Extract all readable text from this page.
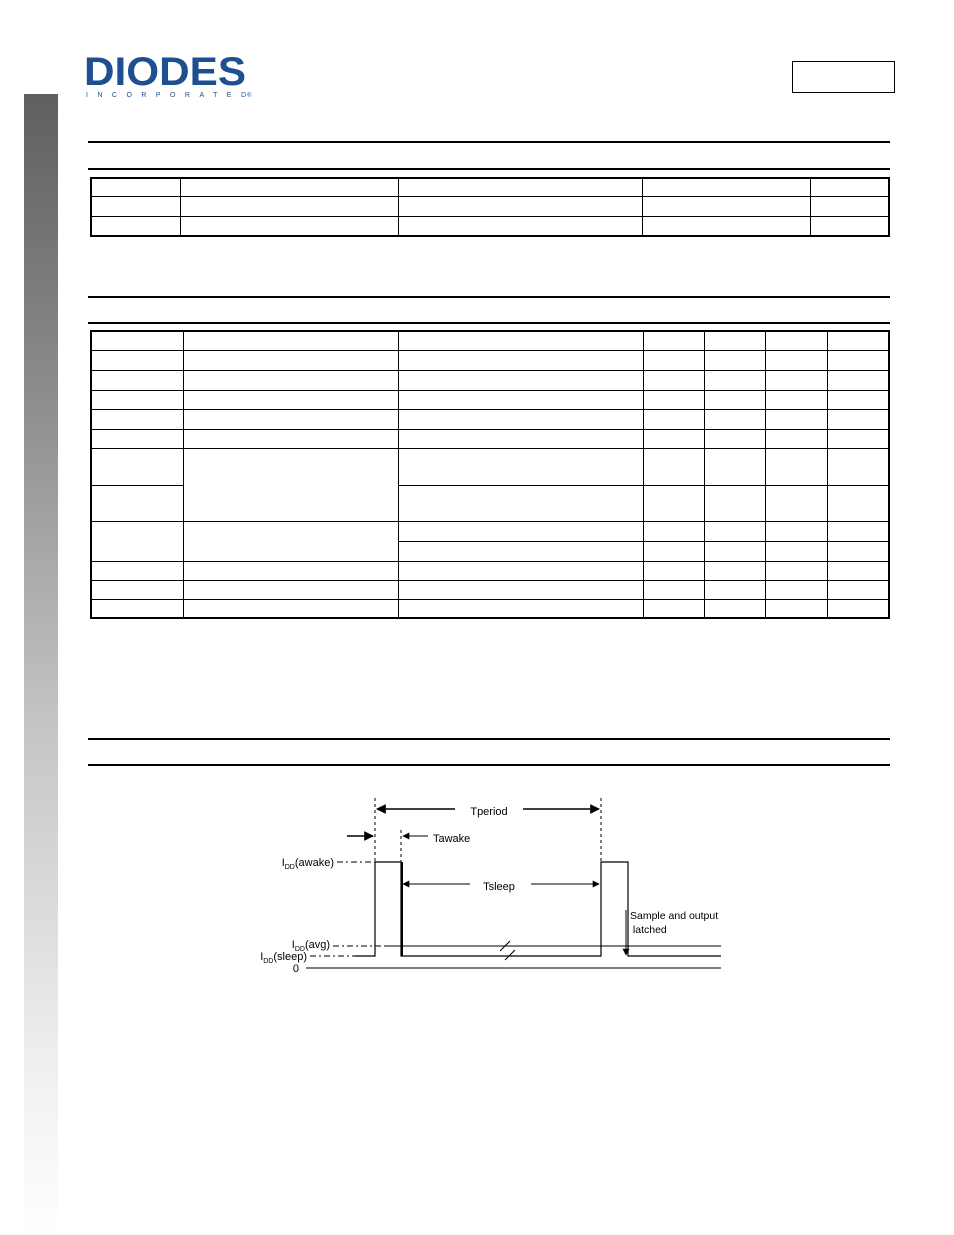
DIODES
INCORPORATED ®

Tperiod
Tawake
Tsleep
$I_{DD}(awake)$
$I_{DD}(avg)$
$I_{DD}(sleep)$
0
Sample and output
latched
